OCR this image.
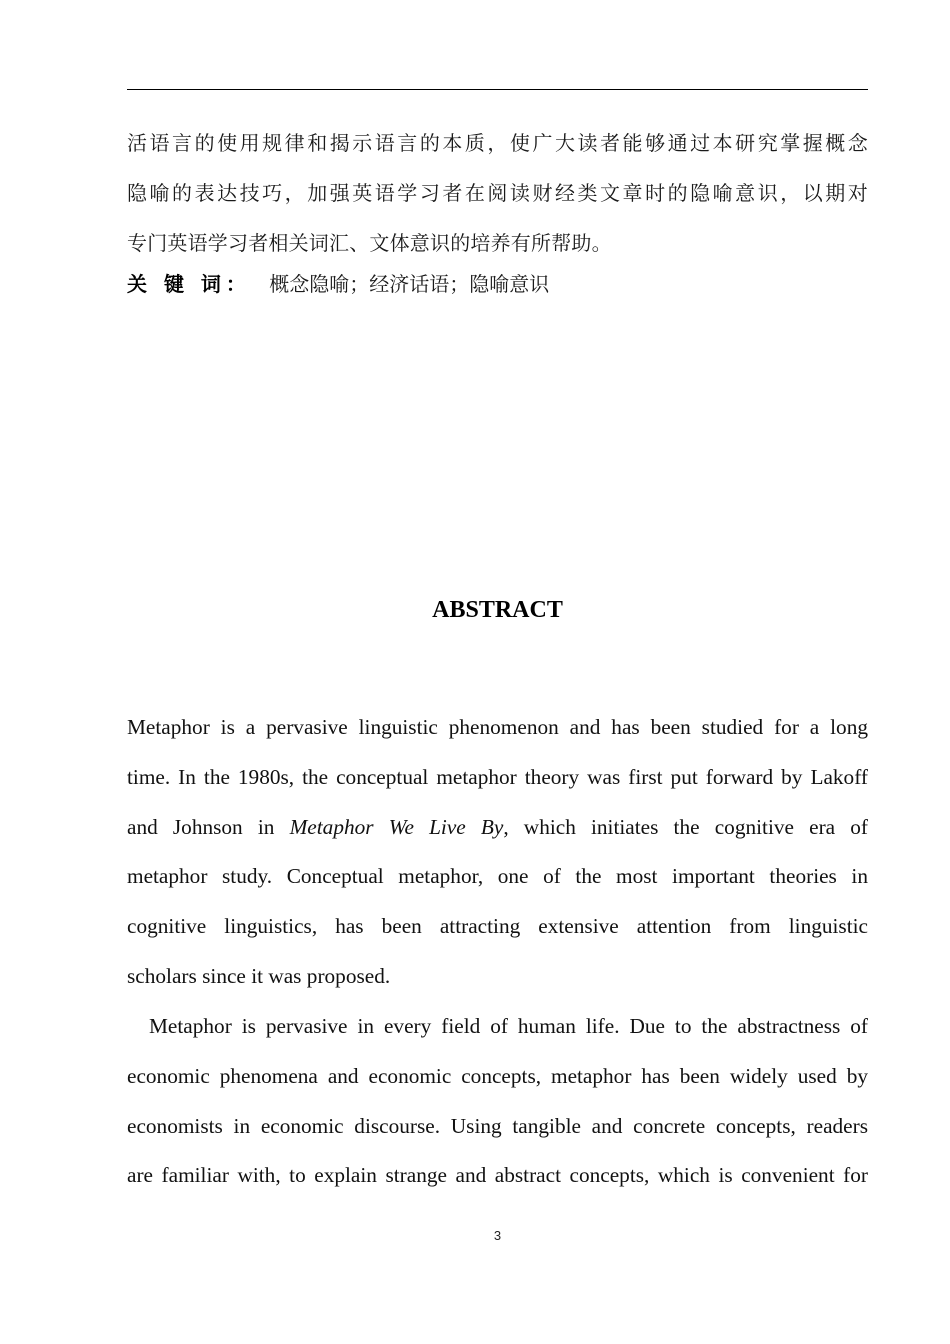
活语言的使用规律和揭示语言的本质，使广大读者能够通过本研究掌握概念
隐喻的表达技巧，加强英语学习者在阅读财经类文章时的隐喻意识，以期对
专门英语学习者相关词汇、文体意识的培养有所帮助。
关 键 词： 概念隐喻；经济话语；隐喻意识
ABSTRACT
Metaphor is a pervasive linguistic phenomenon and has been studied for a long
time. In the 1980s, the conceptual metaphor theory was first put forward by Lakoff
and Johnson in Metaphor We Live By, which initiates the cognitive era of
metaphor study. Conceptual metaphor, one of the most important theories in
cognitive linguistics, has been attracting extensive attention from linguistic
scholars since it was proposed.
Metaphor is pervasive in every field of human life. Due to the abstractness of
economic phenomena and economic concepts, metaphor has been widely used by
economists in economic discourse. Using tangible and concrete concepts, readers
are familiar with, to explain strange and abstract concepts, which is convenient for
3
